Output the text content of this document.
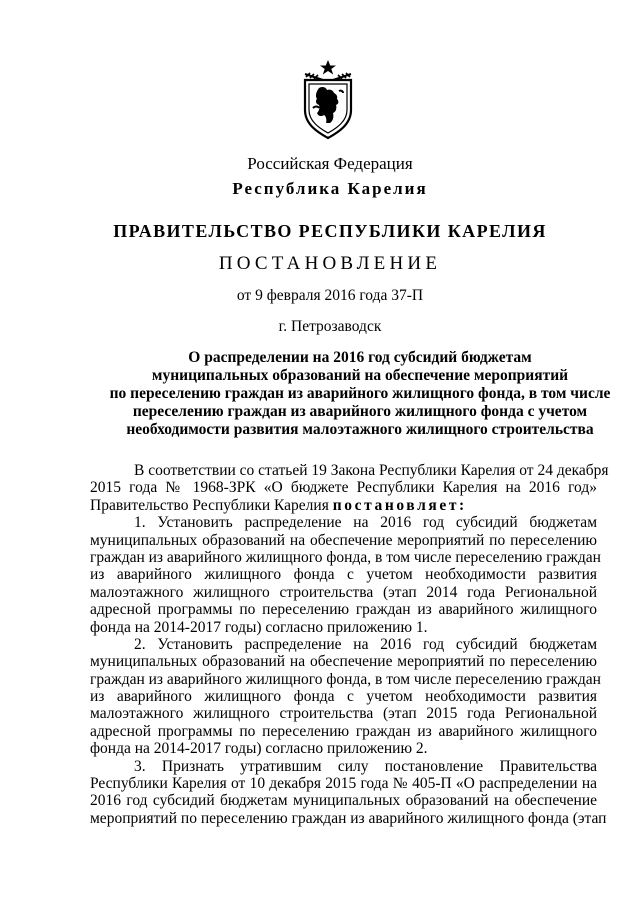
Российская Федерация
Республика Карелия
ПРАВИТЕЛЬСТВО РЕСПУБЛИКИ КАРЕЛИЯ
ПОСТАНОВЛЕНИЕ
от 9 февраля 2016 года 37-П
г. Петрозаводск
О распределении на 2016 год субсидий бюджетам
муниципальных образований на обеспечение мероприятий
по переселению граждан из аварийного жилищного фонда, в том числе
переселению граждан из аварийного жилищного фонда с учетом
необходимости развития малоэтажного жилищного строительства
В соответствии со статьей 19 Закона Республики Карелия от 24 декабря
2015 года № 1968-ЗРК «О бюджете Республики Карелия на 2016 год»
Правительство Республики Карелия постановляет:
1. Установить распределение на 2016 год субсидий бюджетам
муниципальных образований на обеспечение мероприятий по переселению
граждан из аварийного жилищного фонда, в том числе переселению граждан
из аварийного жилищного фонда с учетом необходимости развития
малоэтажного жилищного строительства (этап 2014 года Региональной
адресной программы по переселению граждан из аварийного жилищного
фонда на 2014-2017 годы) согласно приложению 1.
2. Установить распределение на 2016 год субсидий бюджетам
муниципальных образований на обеспечение мероприятий по переселению
граждан из аварийного жилищного фонда, в том числе переселению граждан
из аварийного жилищного фонда с учетом необходимости развития
малоэтажного жилищного строительства (этап 2015 года Региональной
адресной программы по переселению граждан из аварийного жилищного
фонда на 2014-2017 годы) согласно приложению 2.
3. Признать утратившим силу постановление Правительства
Республики Карелия от 10 декабря 2015 года № 405-П «О распределении на
2016 год субсидий бюджетам муниципальных образований на обеспечение
мероприятий по переселению граждан из аварийного жилищного фонда (этап
